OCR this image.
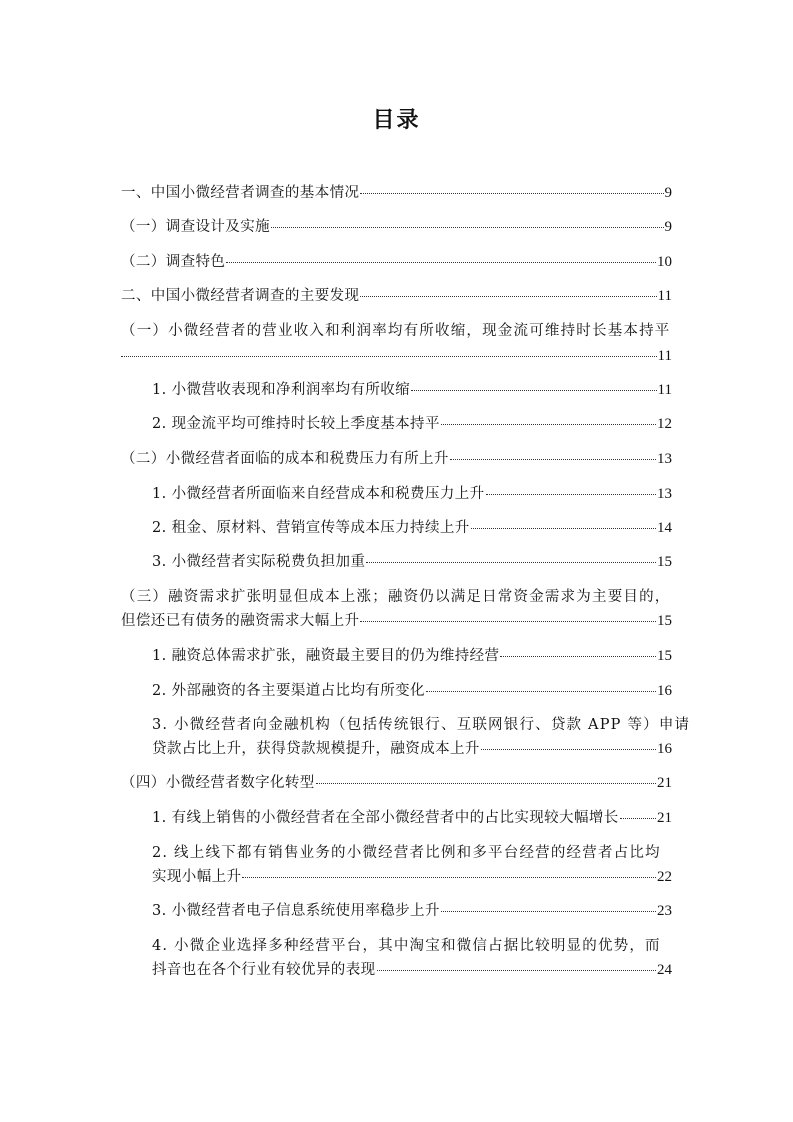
目录
一、中国小微经营者调查的基本情况	9
（一）调查设计及实施	9
（二）调查特色	10
二、中国小微经营者调查的主要发现	11
（一）小微经营者的营业收入和利润率均有所收缩，现金流可维持时长基本持平
11
1. 小微营收表现和净利润率均有所收缩	11
2. 现金流平均可维持时长较上季度基本持平	12
（二）小微经营者面临的成本和税费压力有所上升	13
1. 小微经营者所面临来自经营成本和税费压力上升	13
2. 租金、原材料、营销宣传等成本压力持续上升	14
3. 小微经营者实际税费负担加重	15
（三）融资需求扩张明显但成本上涨；融资仍以满足日常资金需求为主要目的，
但偿还已有债务的融资需求大幅上升	15
1. 融资总体需求扩张，融资最主要目的仍为维持经营	15
2. 外部融资的各主要渠道占比均有所变化	16
3. 小微经营者向金融机构（包括传统银行、互联网银行、贷款 APP 等）申请
贷款占比上升，获得贷款规模提升，融资成本上升	16
（四）小微经营者数字化转型	21
1. 有线上销售的小微经营者在全部小微经营者中的占比实现较大幅增长	21
2. 线上线下都有销售业务的小微经营者比例和多平台经营的经营者占比均
实现小幅上升	22
3. 小微经营者电子信息系统使用率稳步上升	23
4. 小微企业选择多种经营平台，其中淘宝和微信占据比较明显的优势，而
抖音也在各个行业有较优异的表现	24
